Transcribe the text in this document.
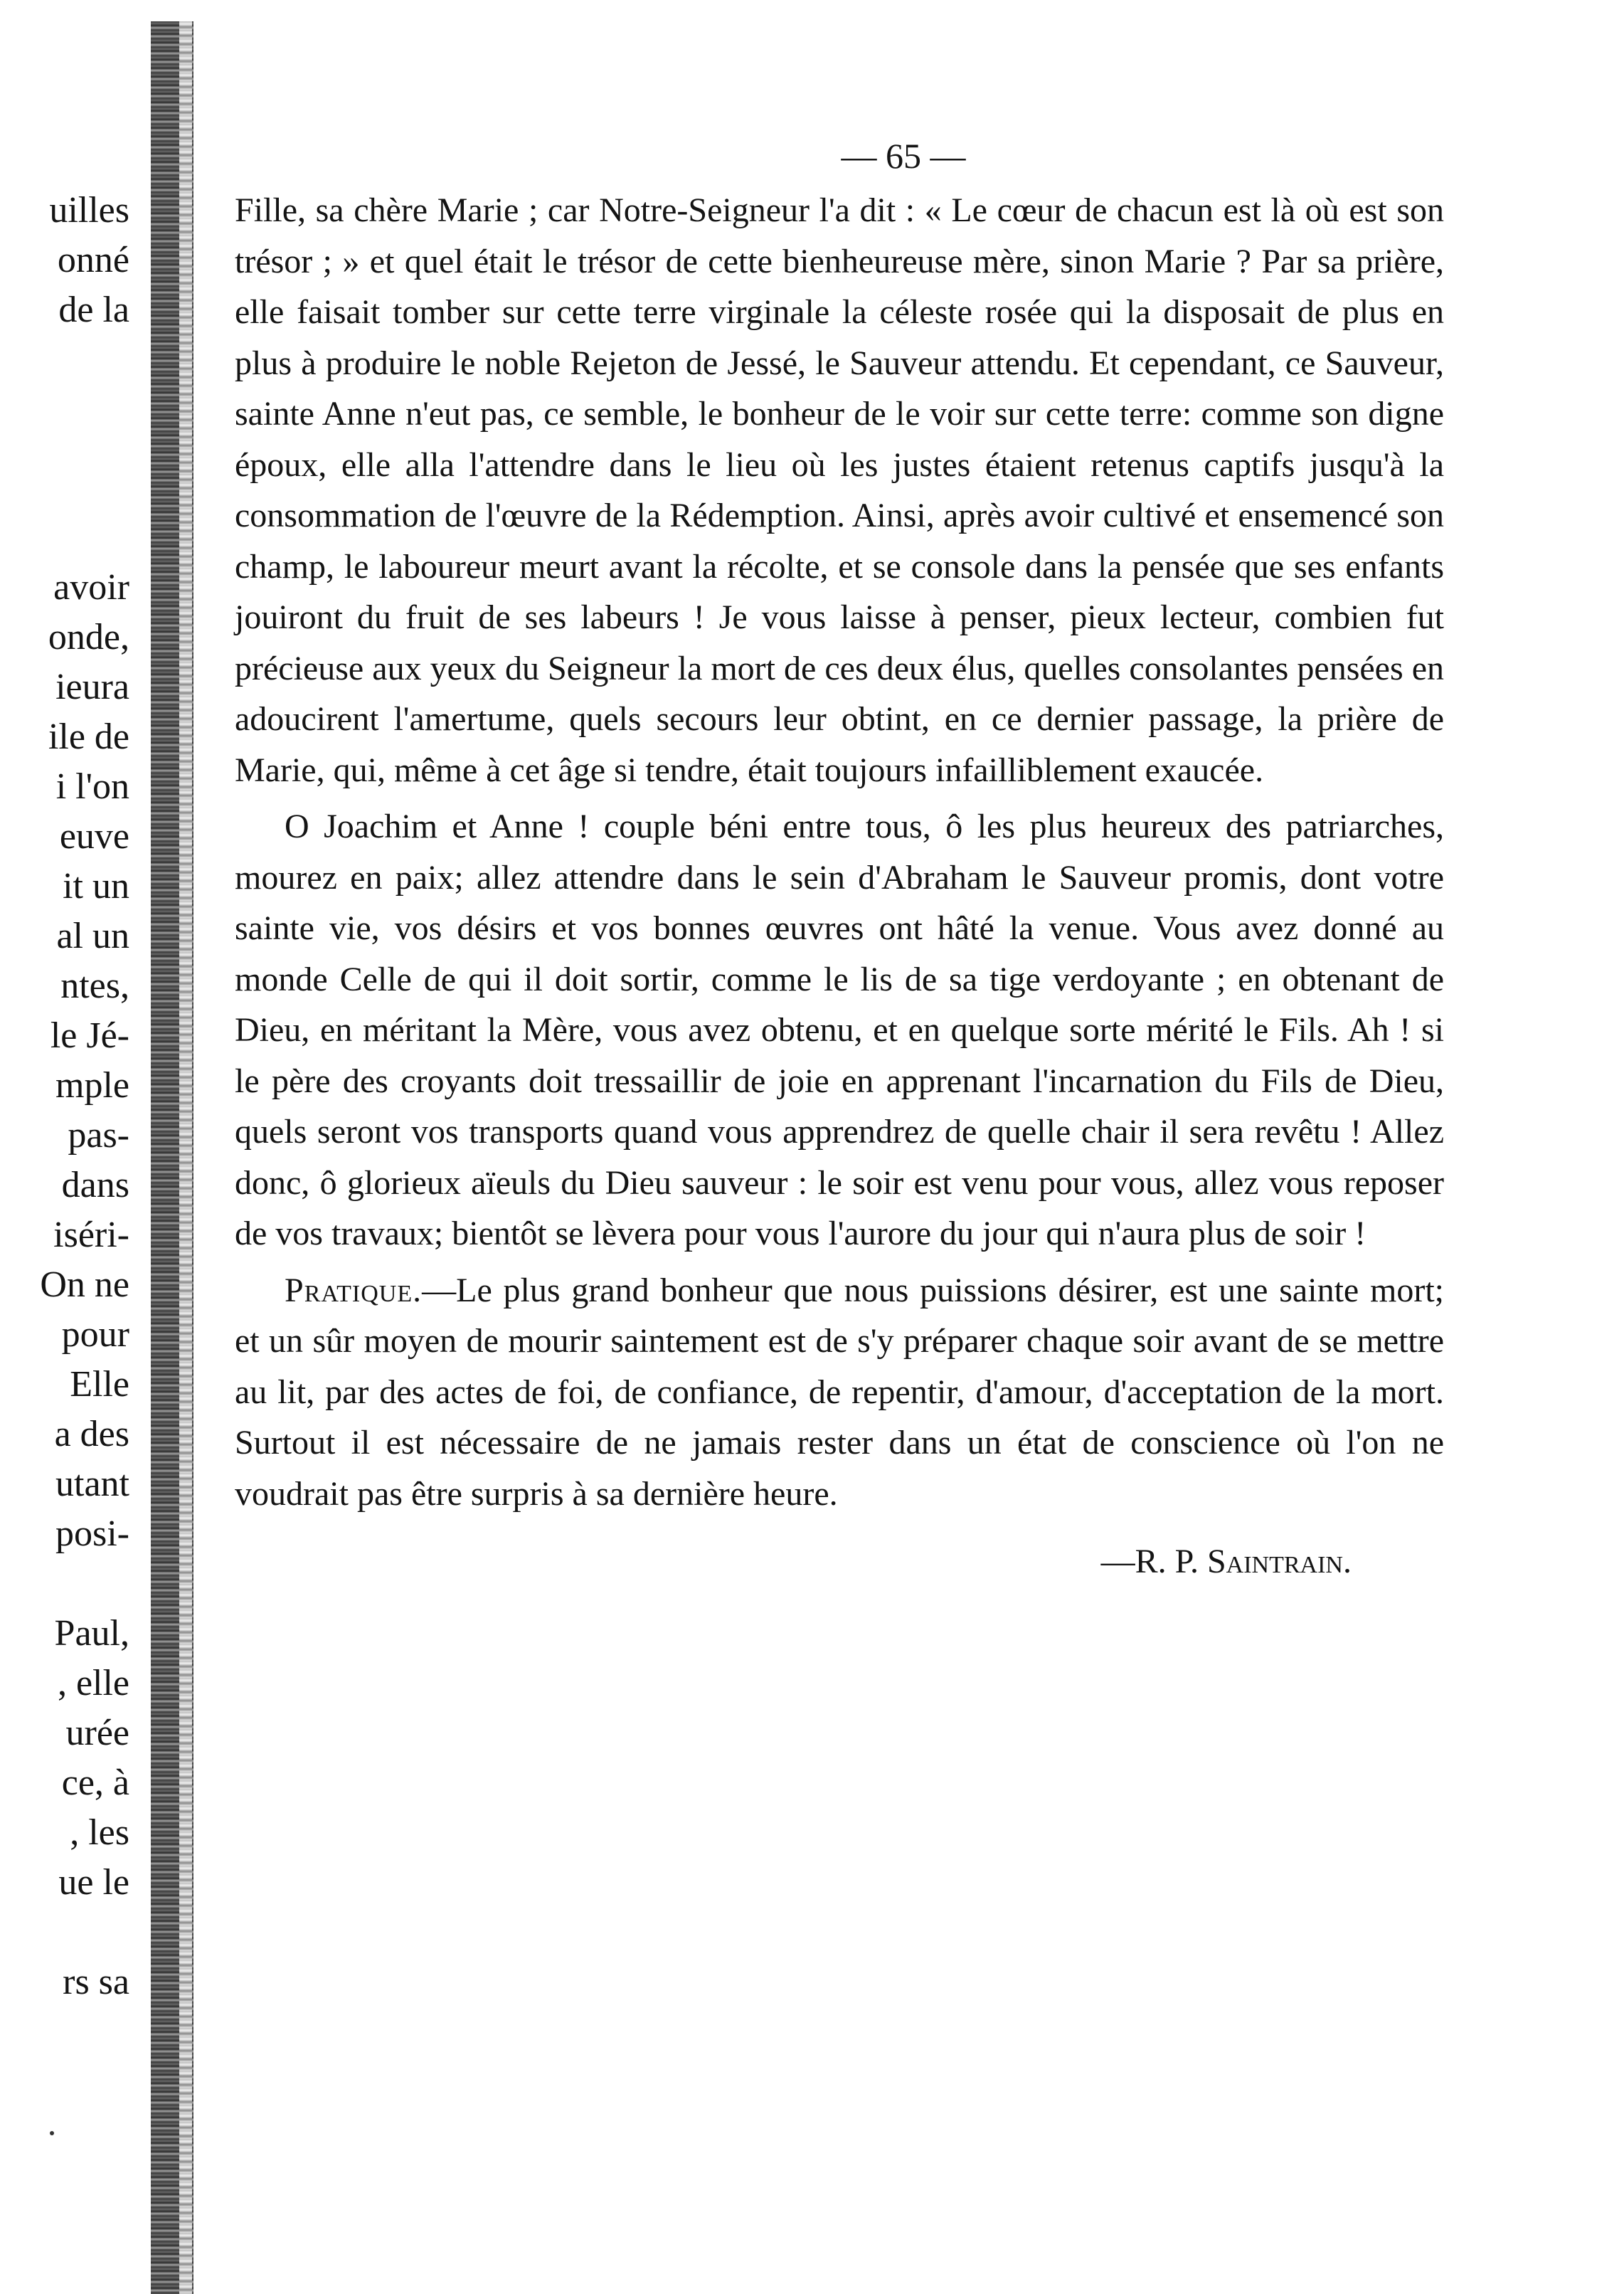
uilles
onné
de la
avoir
onde,
ieura
ile de
i l'on
euve
it un
al un
ntes,
le Jé-
mple
pas-
dans
iséri-
On ne
pour
Elle
a des
utant
posi-
Paul,
, elle
urée
ce, à
, les
ue le
rs sa
— 65 —

Fille, sa chère Marie ; car Notre-Seigneur l'a dit : « Le cœur de chacun est là où est son trésor ; » et quel était le trésor de cette bienheureuse mère, sinon Marie ? Par sa prière, elle faisait tomber sur cette terre virginale la céleste rosée qui la disposait de plus en plus à produire le noble Rejeton de Jessé, le Sauveur attendu. Et cependant, ce Sauveur, sainte Anne n'eut pas, ce semble, le bonheur de le voir sur cette terre: comme son digne époux, elle alla l'attendre dans le lieu où les justes étaient retenus captifs jusqu'à la consommation de l'œuvre de la Rédemption. Ainsi, après avoir cultivé et ensemencé son champ, le laboureur meurt avant la récolte, et se console dans la pensée que ses enfants jouiront du fruit de ses labeurs ! Je vous laisse à penser, pieux lecteur, combien fut précieuse aux yeux du Seigneur la mort de ces deux élus, quelles consolantes pensées en adoucirent l'amertume, quels secours leur obtint, en ce dernier passage, la prière de Marie, qui, même à cet âge si tendre, était toujours infailliblement exaucée.

O Joachim et Anne ! couple béni entre tous, ô les plus heureux des patriarches, mourez en paix; allez attendre dans le sein d'Abraham le Sauveur promis, dont votre sainte vie, vos désirs et vos bonnes œuvres ont hâté la venue. Vous avez donné au monde Celle de qui il doit sortir, comme le lis de sa tige verdoyante ; en obtenant de Dieu, en méritant la Mère, vous avez obtenu, et en quelque sorte mérité le Fils. Ah ! si le père des croyants doit tressaillir de joie en apprenant l'incarnation du Fils de Dieu, quels seront vos transports quand vous apprendrez de quelle chair il sera revêtu ! Allez donc, ô glorieux aïeuls du Dieu sauveur : le soir est venu pour vous, allez vous reposer de vos travaux; bientôt se lèvera pour vous l'aurore du jour qui n'aura plus de soir !

Pratique.—Le plus grand bonheur que nous puissions désirer, est une sainte mort; et un sûr moyen de mourir saintement est de s'y préparer chaque soir avant de se mettre au lit, par des actes de foi, de confiance, de repentir, d'amour, d'acceptation de la mort. Surtout il est nécessaire de ne jamais rester dans un état de conscience où l'on ne voudrait pas être surpris à sa dernière heure.

—R. P. Saintrain.
